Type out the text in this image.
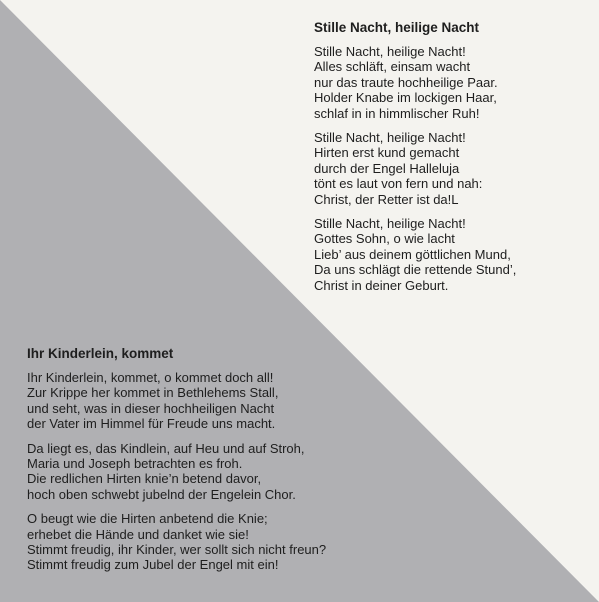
Stille Nacht, heilige Nacht
Stille Nacht, heilige Nacht!
Alles schläft, einsam wacht
nur das traute hochheilige Paar.
Holder Knabe im lockigen Haar,
schlaf in in himmlischer Ruh!
Stille Nacht, heilige Nacht!
Hirten erst kund gemacht
durch der Engel Halleluja
tönt es laut von fern und nah:
Christ, der Retter ist da!L
Stille Nacht, heilige Nacht!
Gottes Sohn, o wie lacht
Lieb’ aus deinem göttlichen Mund,
Da uns schlägt die rettende Stund’,
Christ in deiner Geburt.
Ihr Kinderlein, kommet
Ihr Kinderlein, kommet, o kommet doch all!
Zur Krippe her kommet in Bethlehems Stall,
und seht, was in dieser hochheiligen Nacht
der Vater im Himmel für Freude uns macht.
Da liegt es, das Kindlein, auf Heu und auf Stroh,
Maria und Joseph betrachten es froh.
Die redlichen Hirten knie’n betend davor,
hoch oben schwebt jubelnd der Engelein Chor.
O beugt wie die Hirten anbetend die Knie;
erhebet die Hände und danket wie sie!
Stimmt freudig, ihr Kinder, wer sollt sich nicht freun?
Stimmt freudig zum Jubel der Engel mit ein!
